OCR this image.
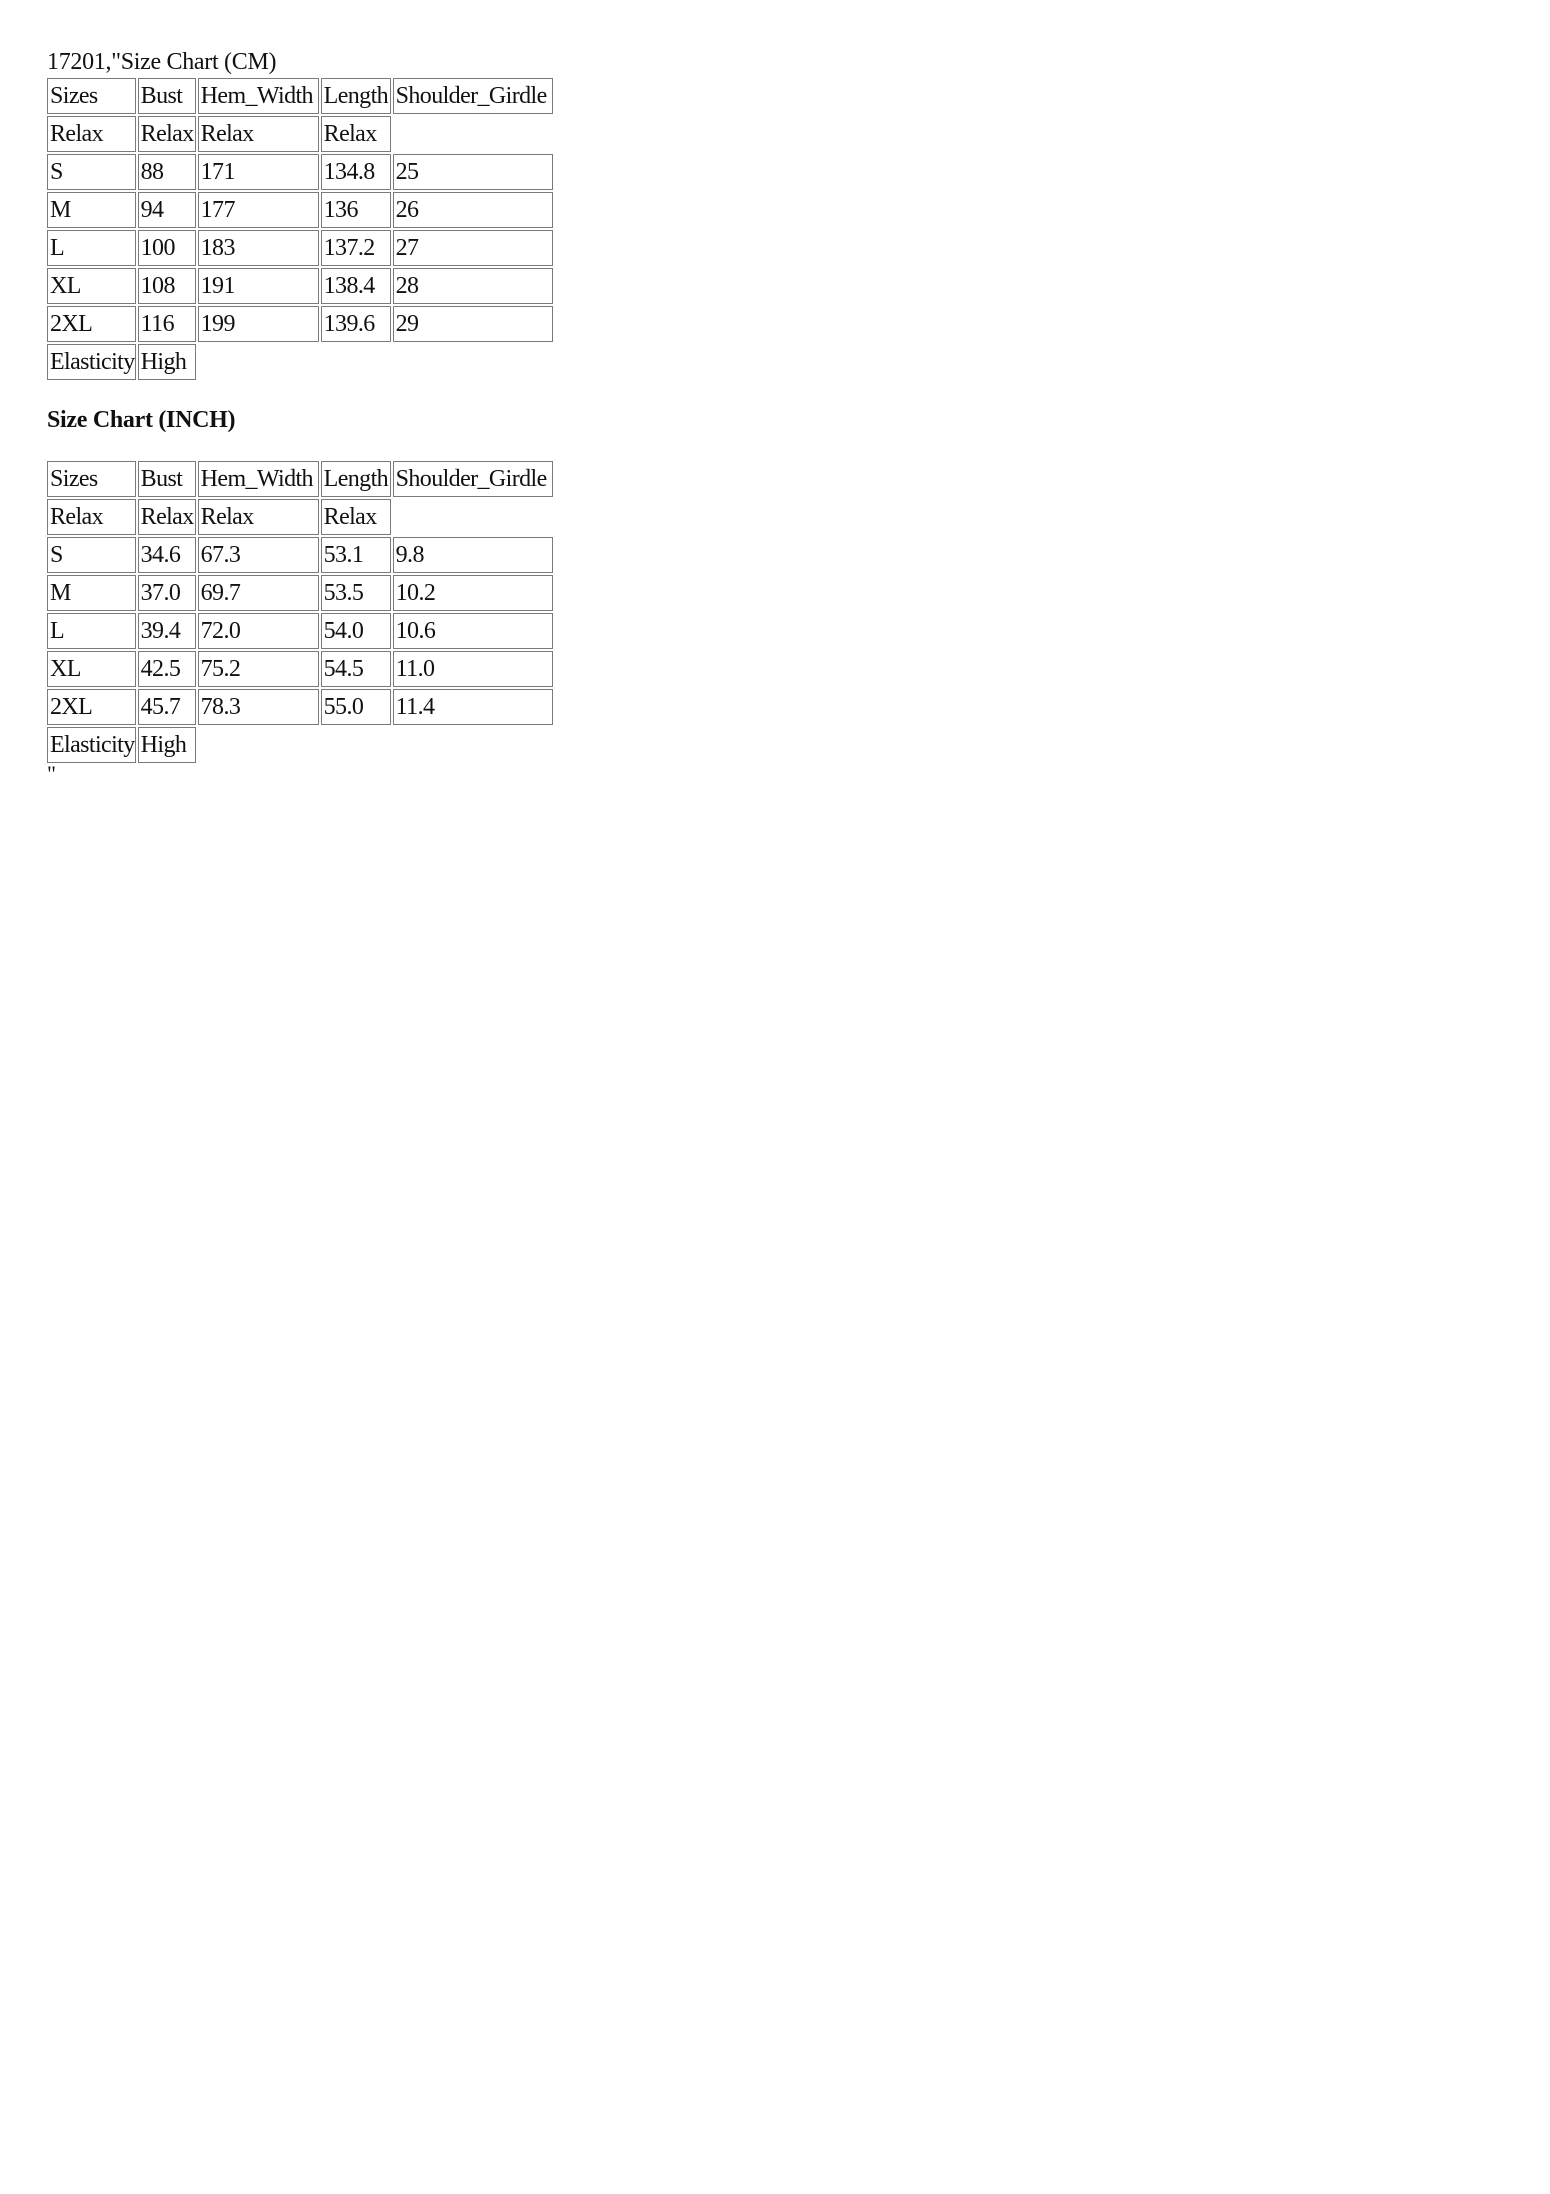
17201,"Size Chart (CM)
Sizes	Bust	Hem_Width	Length	Shoulder_Girdle
Relax	Relax	Relax	Relax	
S	88	171	134.8	25
M	94	177	136	26
L	100	183	137.2	27
XL	108	191	138.4	28
2XL	116	199	139.6	29
Elasticity	High			
Size Chart (INCH)
Sizes	Bust	Hem_Width	Length	Shoulder_Girdle
Relax	Relax	Relax	Relax	
S	34.6	67.3	53.1	9.8
M	37.0	69.7	53.5	10.2
L	39.4	72.0	54.0	10.6
XL	42.5	75.2	54.5	11.0
2XL	45.7	78.3	55.0	11.4
Elasticity	High			
"
